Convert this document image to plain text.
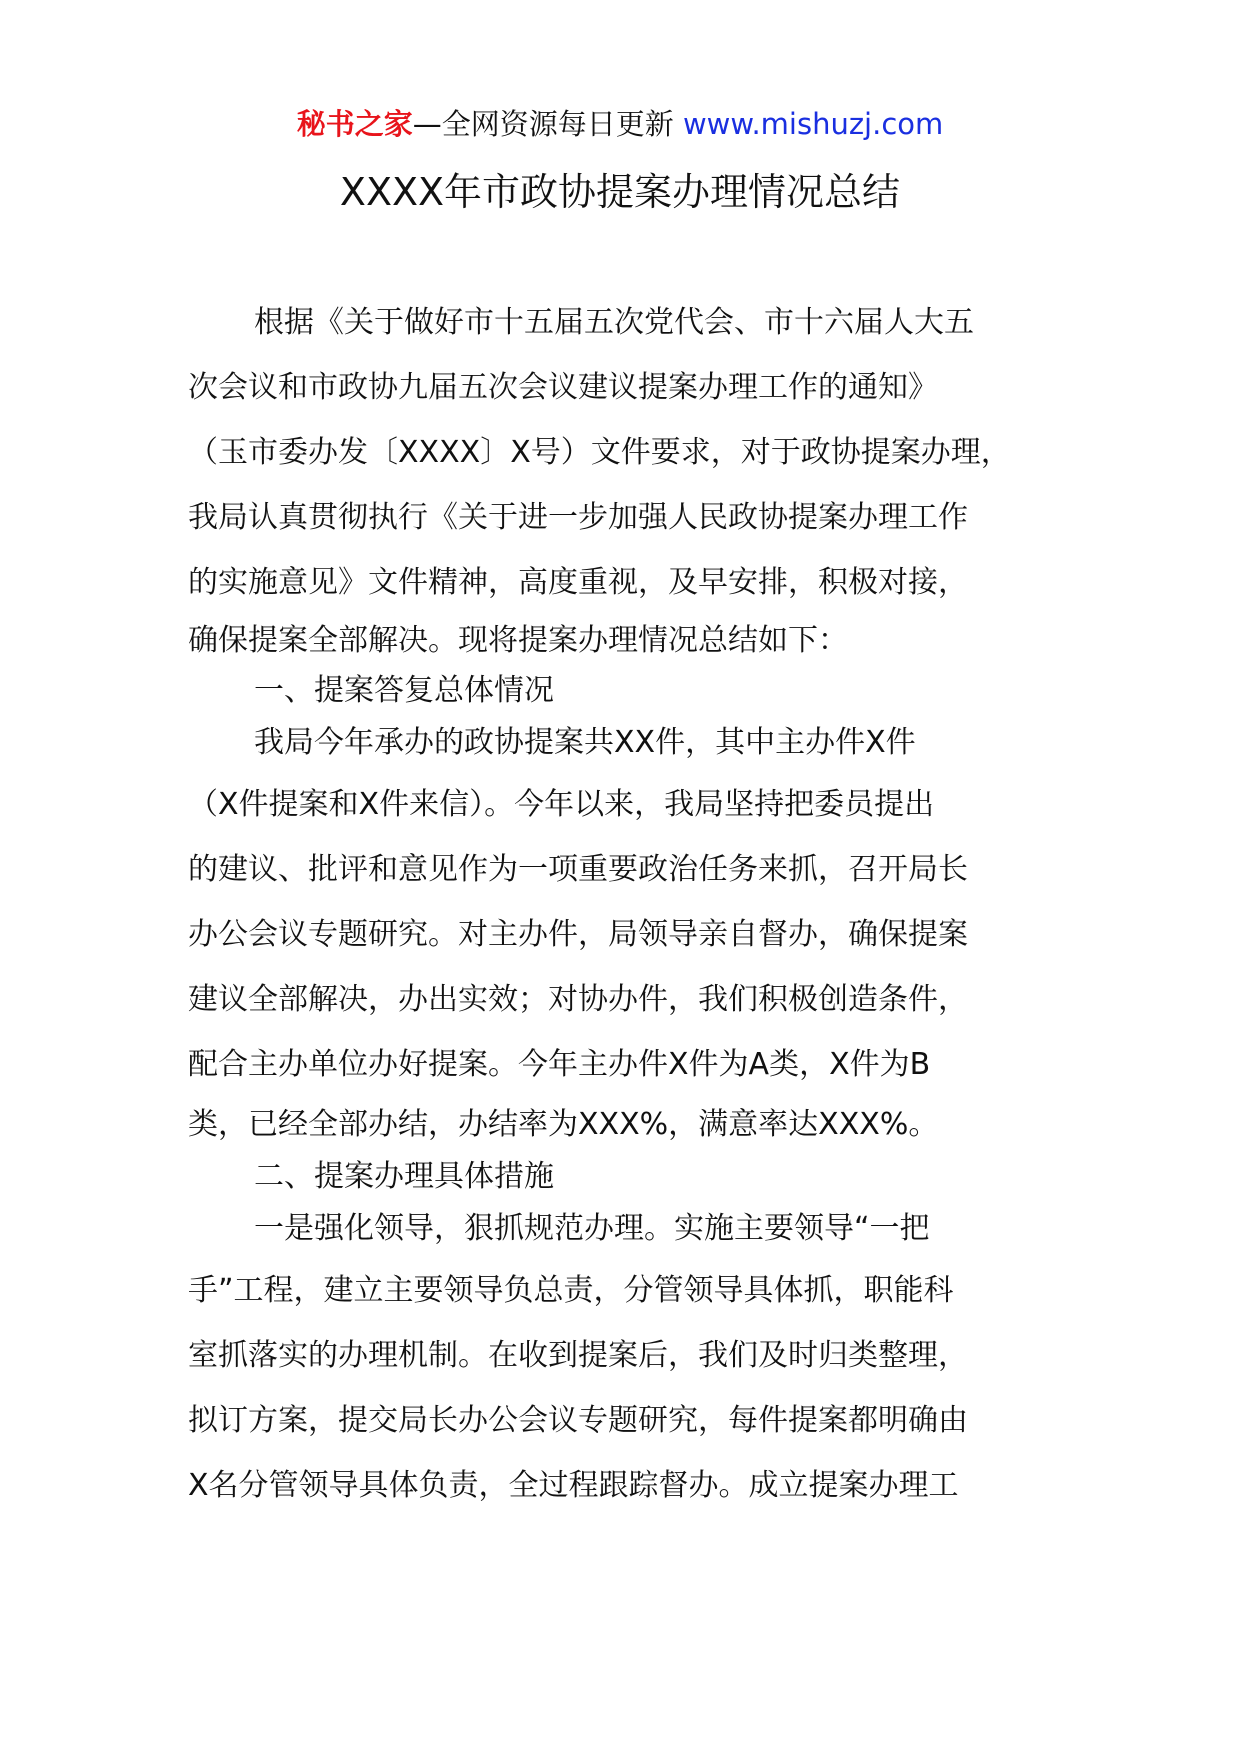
秘书之家—全网资源每日更新 www.mishuzj.com
XXXX年市政协提案办理情况总结

根据《关于做好市十五届五次党代会、市十六届人大五

次会议和市政协九届五次会议建议提案办理工作的通知》

（玉市委办发〔XXXX〕X号）文件要求，对于政协提案办理，

我局认真贯彻执行《关于进一步加强人民政协提案办理工作

的实施意见》文件精神，高度重视，及早安排，积极对接，

确保提案全部解决。现将提案办理情况总结如下：

一、提案答复总体情况

我局今年承办的政协提案共XX件，其中主办件X件

（X件提案和X件来信）。今年以来，我局坚持把委员提出

的建议、批评和意见作为一项重要政治任务来抓，召开局长

办公会议专题研究。对主办件，局领导亲自督办，确保提案

建议全部解决，办出实效；对协办件，我们积极创造条件，

配合主办单位办好提案。今年主办件X件为A类，X件为B

类，已经全部办结，办结率为XXX%，满意率达XXX%。

二、提案办理具体措施

一是强化领导，狠抓规范办理。实施主要领导“一把

手”工程，建立主要领导负总责，分管领导具体抓，职能科

室抓落实的办理机制。在收到提案后，我们及时归类整理，

拟订方案，提交局长办公会议专题研究，每件提案都明确由

X名分管领导具体负责，全过程跟踪督办。成立提案办理工
